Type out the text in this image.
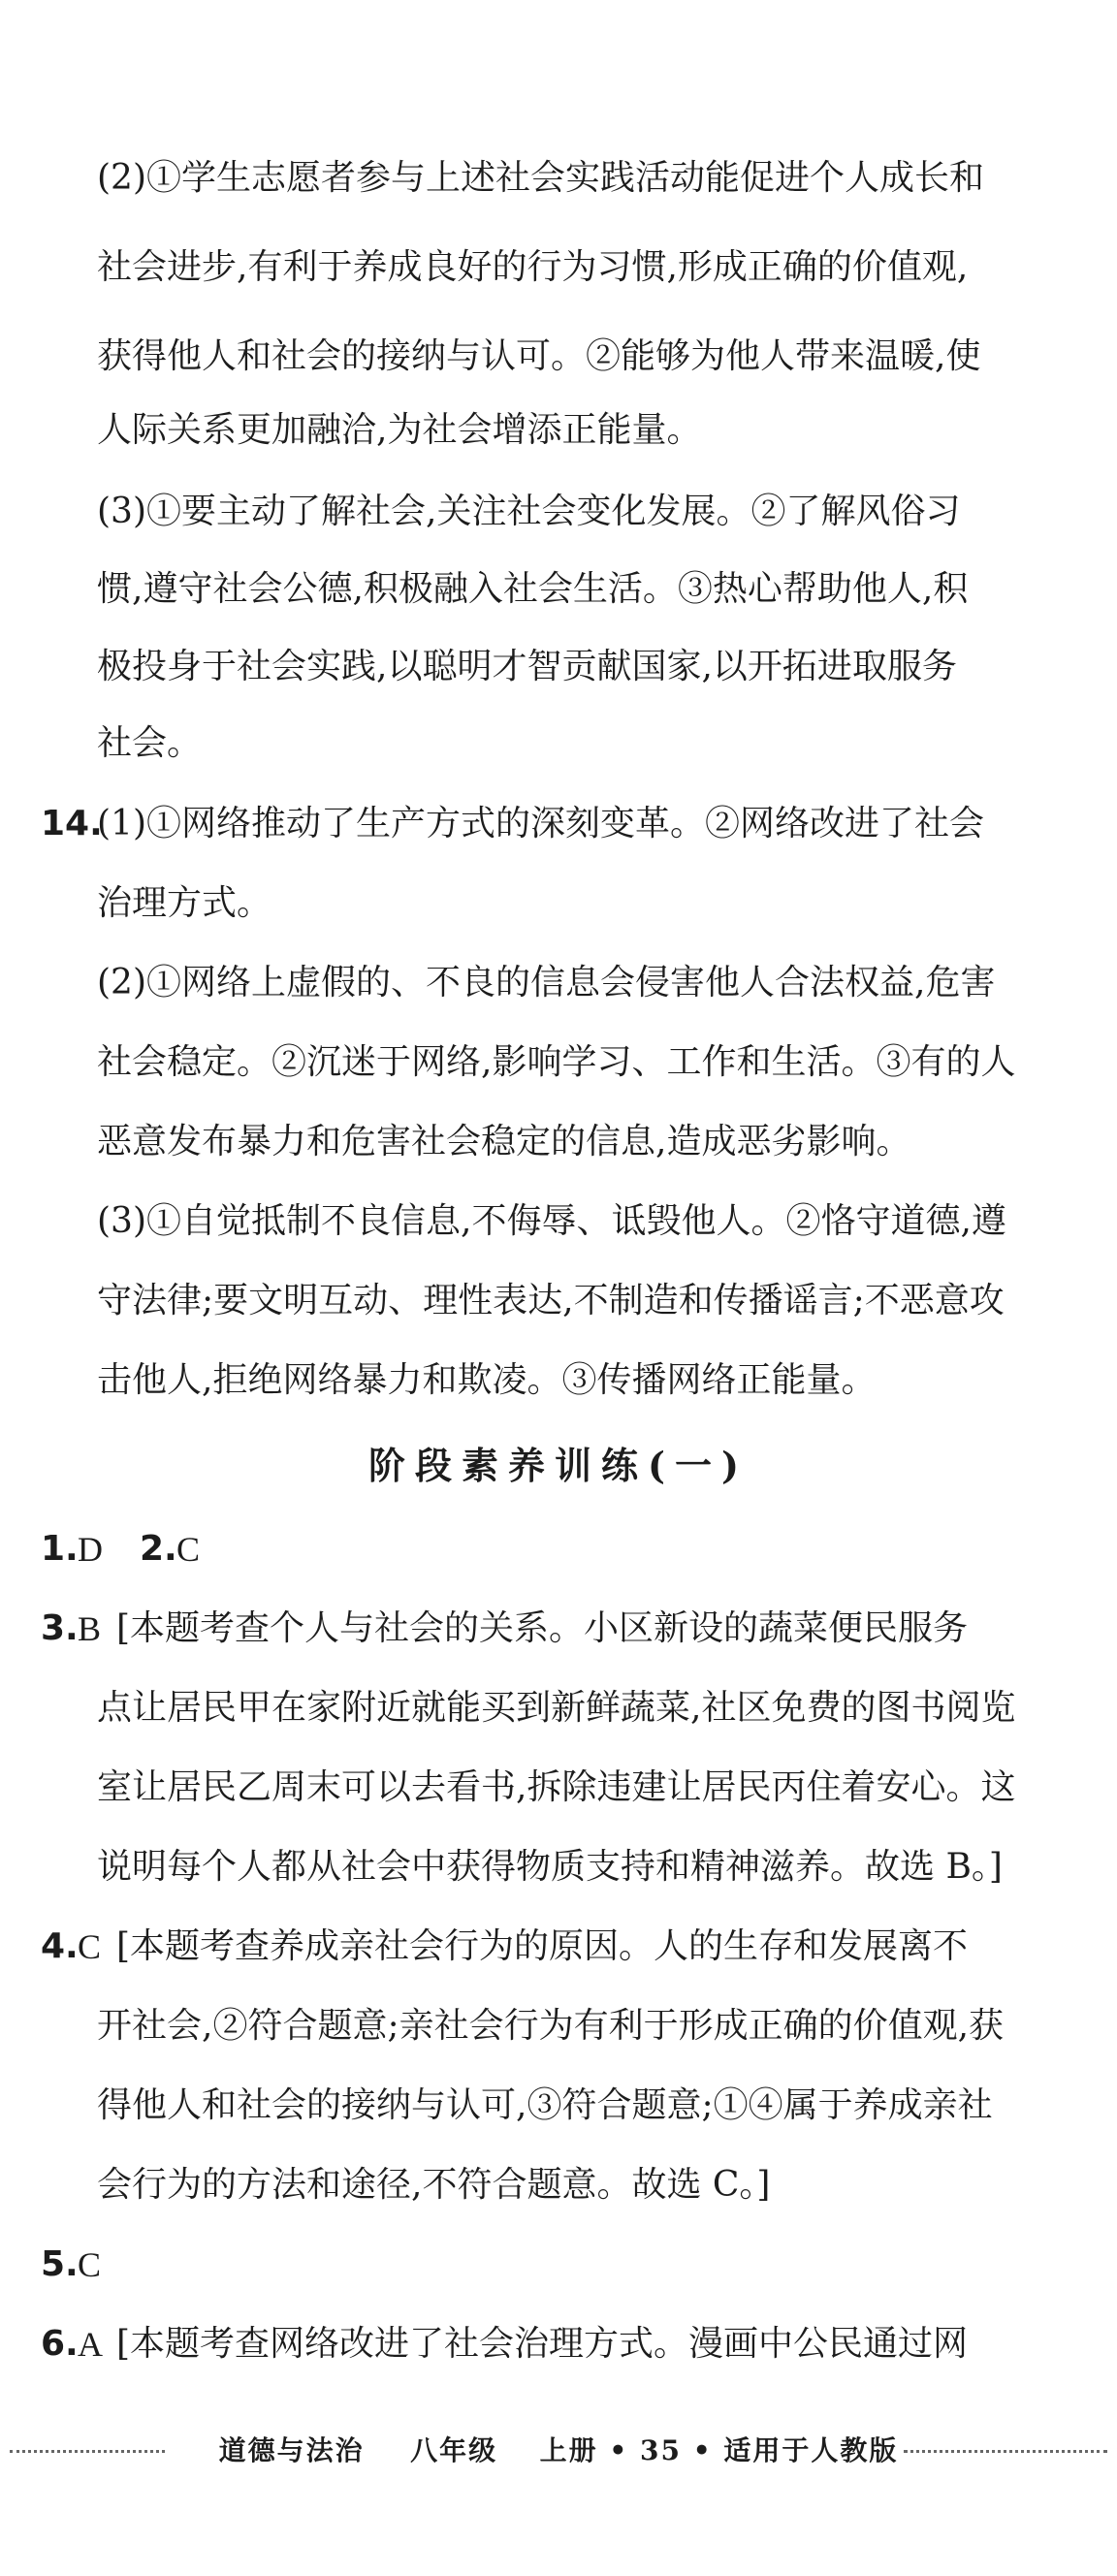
(2)①学生志愿者参与上述社会实践活动能促进个人成长和
社会进步,有利于养成良好的行为习惯,形成正确的价值观,
获得他人和社会的接纳与认可。②能够为他人带来温暖,使
人际关系更加融洽,为社会增添正能量。
(3)①要主动了解社会,关注社会变化发展。②了解风俗习
惯,遵守社会公德,积极融入社会生活。③热心帮助他人,积
极投身于社会实践,以聪明才智贡献国家,以开拓进取服务
社会。
14.
(1)①网络推动了生产方式的深刻变革。②网络改进了社会
治理方式。
(2)①网络上虚假的、不良的信息会侵害他人合法权益,危害
社会稳定。②沉迷于网络,影响学习、工作和生活。③有的人
恶意发布暴力和危害社会稳定的信息,造成恶劣影响。
(3)①自觉抵制不良信息,不侮辱、诋毁他人。②恪守道德,遵
守法律;要文明互动、理性表达,不制造和传播谣言;不恶意攻
击他人,拒绝网络暴力和欺凌。③传播网络正能量。
阶段素养训练(一)
1. D 2. C
3. B [本题考查个人与社会的关系。小区新设的蔬菜便民服务
点让居民甲在家附近就能买到新鲜蔬菜,社区免费的图书阅览
室让居民乙周末可以去看书,拆除违建让居民丙住着安心。这
说明每个人都从社会中获得物质支持和精神滋养。故选 B。]
4. C [本题考查养成亲社会行为的原因。人的生存和发展离不
开社会,②符合题意;亲社会行为有利于形成正确的价值观,获
得他人和社会的接纳与认可,③符合题意;①④属于养成亲社
会行为的方法和途径,不符合题意。故选 C。]
5. C
6. A [本题考查网络改进了社会治理方式。漫画中公民通过网
道德与法治 八年级 上册 • 35 • 适用于人教版
